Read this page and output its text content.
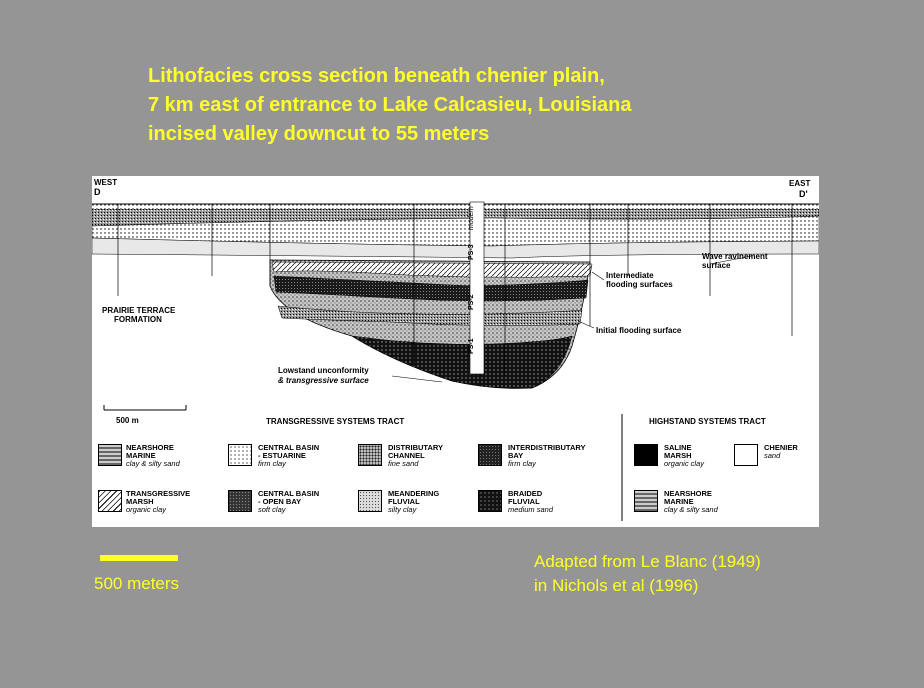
Lithofacies cross section beneath chenier plain,
7 km east of entrance to Lake Calcasieu, Louisiana
incised valley downcut to 55 meters
WEST
D
EAST
D'
PRAIRIE TERRACE
FORMATION
Wave ravinement
surface
Intermediate
flooding surfaces
Initial flooding surface
Lowstand unconformity
& transgressive surface
PS-1
PS-2
PS-3
modern
500 m	TRANSGRESSIVE SYSTEMS TRACT	HIGHSTAND SYSTEMS TRACT
NEARSHORE
MARINE
clay & silty sand
CENTRAL BASIN
- ESTUARINE
firm clay
DISTRIBUTARY
CHANNEL
fine sand
INTERDISTRIBUTARY
BAY
firm clay
SALINE
MARSH
organic clay
CHENIER
sand
TRANSGRESSIVE
MARSH
organic clay
CENTRAL BASIN
- OPEN BAY
soft clay
MEANDERING
FLUVIAL
silty clay
BRAIDED
FLUVIAL
medium sand
NEARSHORE
MARINE
clay & silty sand
500 meters
Adapted from Le Blanc (1949)
in Nichols et al (1996)
